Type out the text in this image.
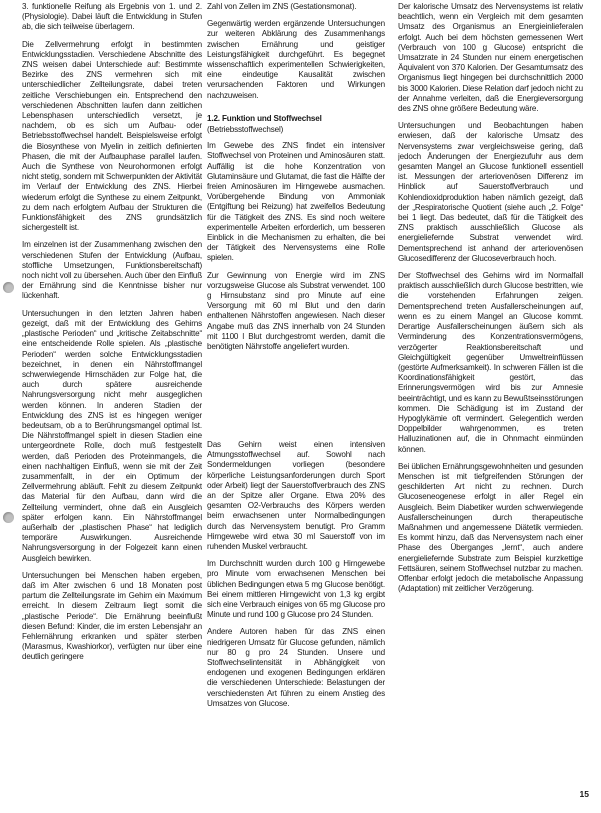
3. funktionelle Reifung als Ergebnis von 1. und 2. (Physiologie). Dabei läuft die Entwicklung in Stufen ab, die sich teilweise überlagern.

Die Zellvermehrung erfolgt in bestimmten Entwicklungsstadien. Verschiedene Abschnitte des ZNS weisen dabei Unterschiede auf: Bestimmte Bezirke des ZNS vermehren sich mit unterschiedlicher Zellteilungsrate, dabei treten zeitliche Verschiebungen ein. Entsprechend den verschiedenen Abschnitten laufen dann zeitlichen Lebensphasen unterschiedlich versetzt, je nachdem, ob es sich um Aufbau- oder Betriebsstoffwechsel handelt. Beispielsweise erfolgt die Biosynthese von Myelin in zeitlich definierten Phasen, die mit der Aufbauphase parallel laufen. Auch die Synthese von Neurohormonen erfolgt nicht stetig, sondern mit Schwerpunkten der Aktivität im Verlauf der Entwicklung des ZNS. Hierbei wiederum erfolgt die Synthese zu einem Zeitpunkt, zu dem nach erfolgtem Aufbau der Strukturen die Funktionsfähigkeit des ZNS grundsätzlich sichergestellt ist.

Im einzelnen ist der Zusammenhang zwischen den verschiedenen Stufen der Entwicklung (Aufbau, stoffliche Umsetzungen, Funktionsbereitschaft) noch nicht voll zu übersehen. Auch über den Einfluß der Ernährung sind die Kenntnisse bisher nur lückenhaft.

Untersuchungen in den letzten Jahren haben gezeigt, daß mit der Entwicklung des Gehirns „plastische Perioden“ und „kritische Zeitabschnitte“ eine entscheidende Rolle spielen. Als „plastische Perioden“ werden solche Entwicklungsstadien bezeichnet, in denen ein Nährstoffmangel schwerwiegende Hirnschäden zur Folge hat, die auch durch spätere ausreichende Nahrungsversorgung nicht mehr ausgeglichen werden können. In anderen Stadien der Entwicklung des ZNS ist es hingegen weniger bedeutsam, ob a to Berührungsmangel optimal Ist. Die Nährstoffmangel spielt in diesen Stadien eine untergeordnete Rolle, doch muß festgestellt werden, daß Perioden des Proteinmangels, die einen nachhaltigen Einfluß, wenn sie mit der Zeit zusammenfallt, in der ein Optimum der Zellvermehrung abläuft. Fehlt zu diesem Zeitpunkt das Material für den Aufbau, dann wird die Zellteilung vermindert, ohne daß ein Ausgleich später erfolgen kann. Ein Nährstoffmangel außerhalb der „plastischen Phase“ hat lediglich temporäre Auswirkungen. Ausreichende Nahrungsversorgung in der Folgezeit kann einen Ausgleich bewirken.

Untersuchungen bei Menschen haben ergeben, daß im Alter zwischen 6 und 18 Monaten post partum die Zellteilungsrate im Gehirn ein Maximum erreicht. In diesem Zeitraum liegt somit die „plastische Periode“. Die Ernährung beeinflußt diesen Befund: Kinder, die im ersten Lebensjahr an Fehlernährung erkranken und später sterben (Marasmus, Kwashiorkor), verfügten nur über eine deutlich geringere

Zahl von Zellen im ZNS (Gestationsmonat).

Gegenwärtig werden ergänzende Untersuchungen zur weiteren Abklärung des Zusammenhangs zwischen Ernährung und geistiger Leistungsfähigkeit durchgeführt. Es begegnet wissenschaftlich experimentellen Schwierigkeiten, eine eindeutige Kausalität zwischen verursachenden Faktoren und Wirkungen nachzuweisen.

1.2. Funktion und Stoffwechsel

(Betriebsstoffwechsel)

Im Gewebe des ZNS findet ein intensiver Stoffwechsel von Proteinen und Aminosäuren statt. Auffällig ist die hohe Konzentration von Glutaminsäure und Glutamat, die fast die Hälfte der freien Aminosäuren im Hirngewebe ausmachen. Vorübergehende Bindung von Ammoniak (Entgiftung bei Reizung) hat zweifellos Bedeutung für die Tätigkeit des ZNS. Es sind noch weitere experimentelle Arbeiten erforderlich, um besseren Einblick in die Mechanismen zu erhalten, die bei der Tätigkeit des Nervensystems eine Rolle spielen.

Zur Gewinnung von Energie wird im ZNS vorzugsweise Glucose als Substrat verwendet. 100 g Hirnsubstanz sind pro Minute auf eine Versorgung mit 60 ml Blut und den darin enthaltenen Nährstoffen angewiesen. Nach dieser Angabe muß das ZNS innerhalb von 24 Stunden mit 1100 l Blut durchgestromt werden, damit die benötigten Nährstoffe angeliefert wurden.

Das Gehirn weist einen intensiven Atmungsstoffwechsel auf. Sowohl nach Sondermeldungen vorliegen (besondere körperliche Leistungsanforderungen durch Sport oder Arbeit) liegt der Sauerstoffverbrauch des ZNS an der Spitze aller Organe. Etwa 20% des gesamten O2-Verbrauchs des Körpers werden beim erwachsenen unter Normalbedingungen durch das Nervensystem benutigt. Pro Gramm Hirngewebe wird etwa 30 ml Sauerstoff von im ruhenden Muskel verbraucht.

Im Durchschnitt wurden durch 100 g Hirngewebe pro Minute vom erwachsenen Menschen bei üblichen Bedingungen etwa 5 mg Glucose benötigt. Bei einem mittleren Hirngewicht von 1,3 kg ergibt sich eine Verbrauch einiges von 65 mg Glucose pro Minute und rund 100 g Glucose pro 24 Stunden.

Andere Autoren haben für das ZNS einen niedrigeren Umsatz für Glucose gefunden, nämlich nur 80 g pro 24 Stunden. Unsere und Stoffwechselintensität in Abhängigkeit von endogenen und exogenen Bedingungen erklären die verschiedenen Unterschiede: Belastungen der verschiedensten Art führen zu einem Anstieg des Umsatzes von Glucose.

Der kalorische Umsatz des Nervensystems ist relativ beachtlich, wenn ein Vergleich mit dem gesamten Umsatz des Organismus an Energieinlieferalen erfolgt. Auch bei dem höchsten gemessenen Wert (Verbrauch von 100 g Glucose) entspricht die Umsatzrate in 24 Stunden nur einem energetischen Äquivalent von 370 Kalorien. Der Gesamtumsatz des Organismus liegt hingegen bei durchschnittlich 2000 bis 3000 Kalorien. Diese Relation darf jedoch nicht zu der Annahme verleiten, daß die Energieversorgung des ZNS ohne größere Bedeutung wäre.

Untersuchungen und Beobachtungen haben erwiesen, daß der kalorische Umsatz des Nervensystems zwar vergleichsweise gering, daß jedoch Änderungen der Energiezufuhr aus dem gesamten Mangel an Glucose funktionell essentiell ist. Messungen der arteriovenösen Differenz im Hinblick auf Sauerstoffverbrauch und Kohlendioxidproduktion haben nämlich gezeigt, daß der „Respiratorische Quotient (siehe auch „2. Folge“ bei 1 liegt. Das bedeutet, daß für die Tätigkeit des ZNS praktisch ausschließlich Glucose als energieliefernde Substrat verwendet wird. Dementsprechend ist anhand der arteriovenösen Glucosedifferenz der Glucoseverbrauch hoch.

Der Stoffwechsel des Gehirns wird im Normalfall praktisch ausschließlich durch Glucose bestritten, wie die vorstehenden Erfahrungen zeigen. Dementsprechend treten Ausfallerscheinungen auf, wenn es zu einem Mangel an Glucose kommt. Derartige Ausfallerscheinungen äußern sich als Verminderung des Konzentrationsvermögens, verzögerter Reaktionsbereitschaft und Gleichgültigkeit gegenüber Umweltreinflüssen (gestörte Aufmerksamkeit). In schweren Fällen ist die Koordinationsfähigkeit gestört, das Erinnerungsvermögen wird bis zur Amnesie beeinträchtigt, und es kann zu Bewußtseinsstörungen kommen. Die Schädigung ist im Zustand der Hypoglykämie oft vermindert. Gelegentlich werden Doppelbilder wahrgenommen, es treten Halluzinationen auf, die in Ohnmacht einmünden können.

Bei üblichen Ernährungsgewohnheiten und gesunden Menschen ist mit tiefgreifenden Störungen der geschilderten Art nicht zu rechnen. Durch Glucoseneogenese erfolgt in aller Regel ein Ausgleich. Beim Diabetiker wurden schwerwiegende Ausfallerscheinungen durch therapeutische Maßnahmen und angemessene Diätetik vermieden. Es kommt hinzu, daß das Nervensystem nach einer Phase des Überganges „lernt“, auch andere energieliefernde Substrate zum Beispiel kurzkettige Fettsäuren, seinem Stoffwechsel nutzbar zu machen. Offenbar erfolgt jedoch die metabolische Anpassung (Adaptation) mit zeitlicher Verzögerung.

15
